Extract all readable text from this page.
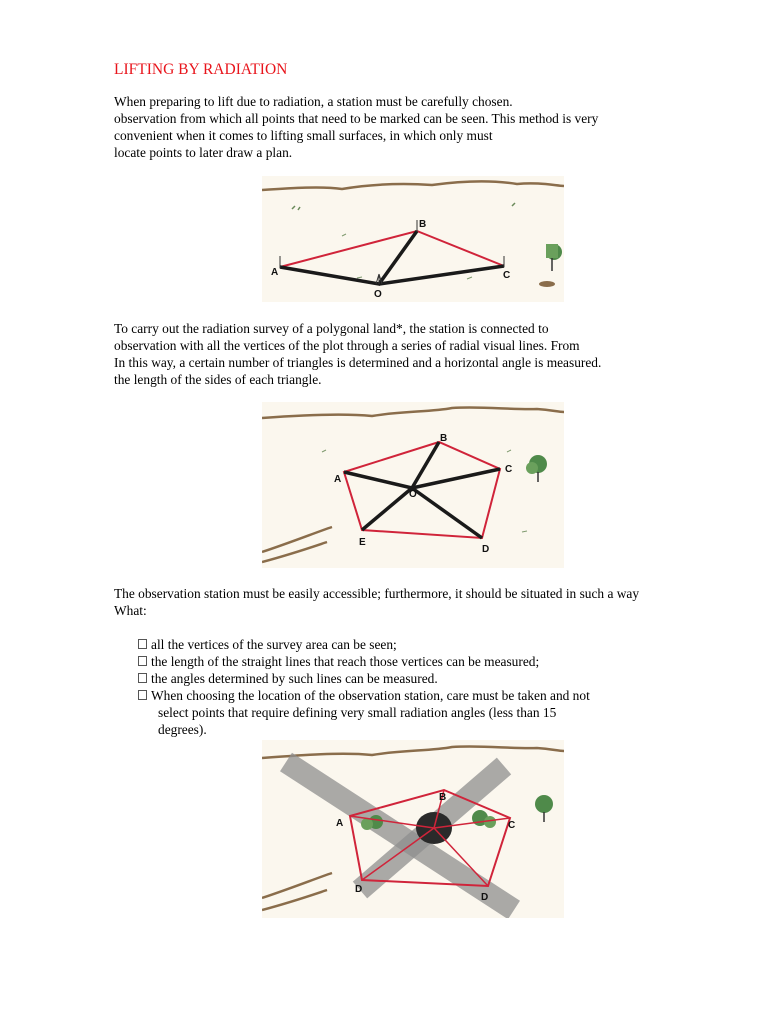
LIFTING BY RADIATION
When preparing to lift due to radiation, a station must be carefully chosen.
observation from which all points that need to be marked can be seen. This method is very
convenient when it comes to lifting small surfaces, in which only must
locate points to later draw a plan.
A
B
C
O
To carry out the radiation survey of a polygonal land*, the station is connected to
observation with all the vertices of the plot through a series of radial visual lines. From
In this way, a certain number of triangles is determined and a horizontal angle is measured.
the length of the sides of each triangle.
A
B
C
D
E
O
The observation station must be easily accessible; furthermore, it should be situated in such a way
What:
all the vertices of the survey area can be seen;
the length of the straight lines that reach those vertices can be measured;
the angles determined by such lines can be measured.
When choosing the location of the observation station, care must be taken and not
select points that require defining very small radiation angles (less than 15
degrees).
A
B
C
D
D
